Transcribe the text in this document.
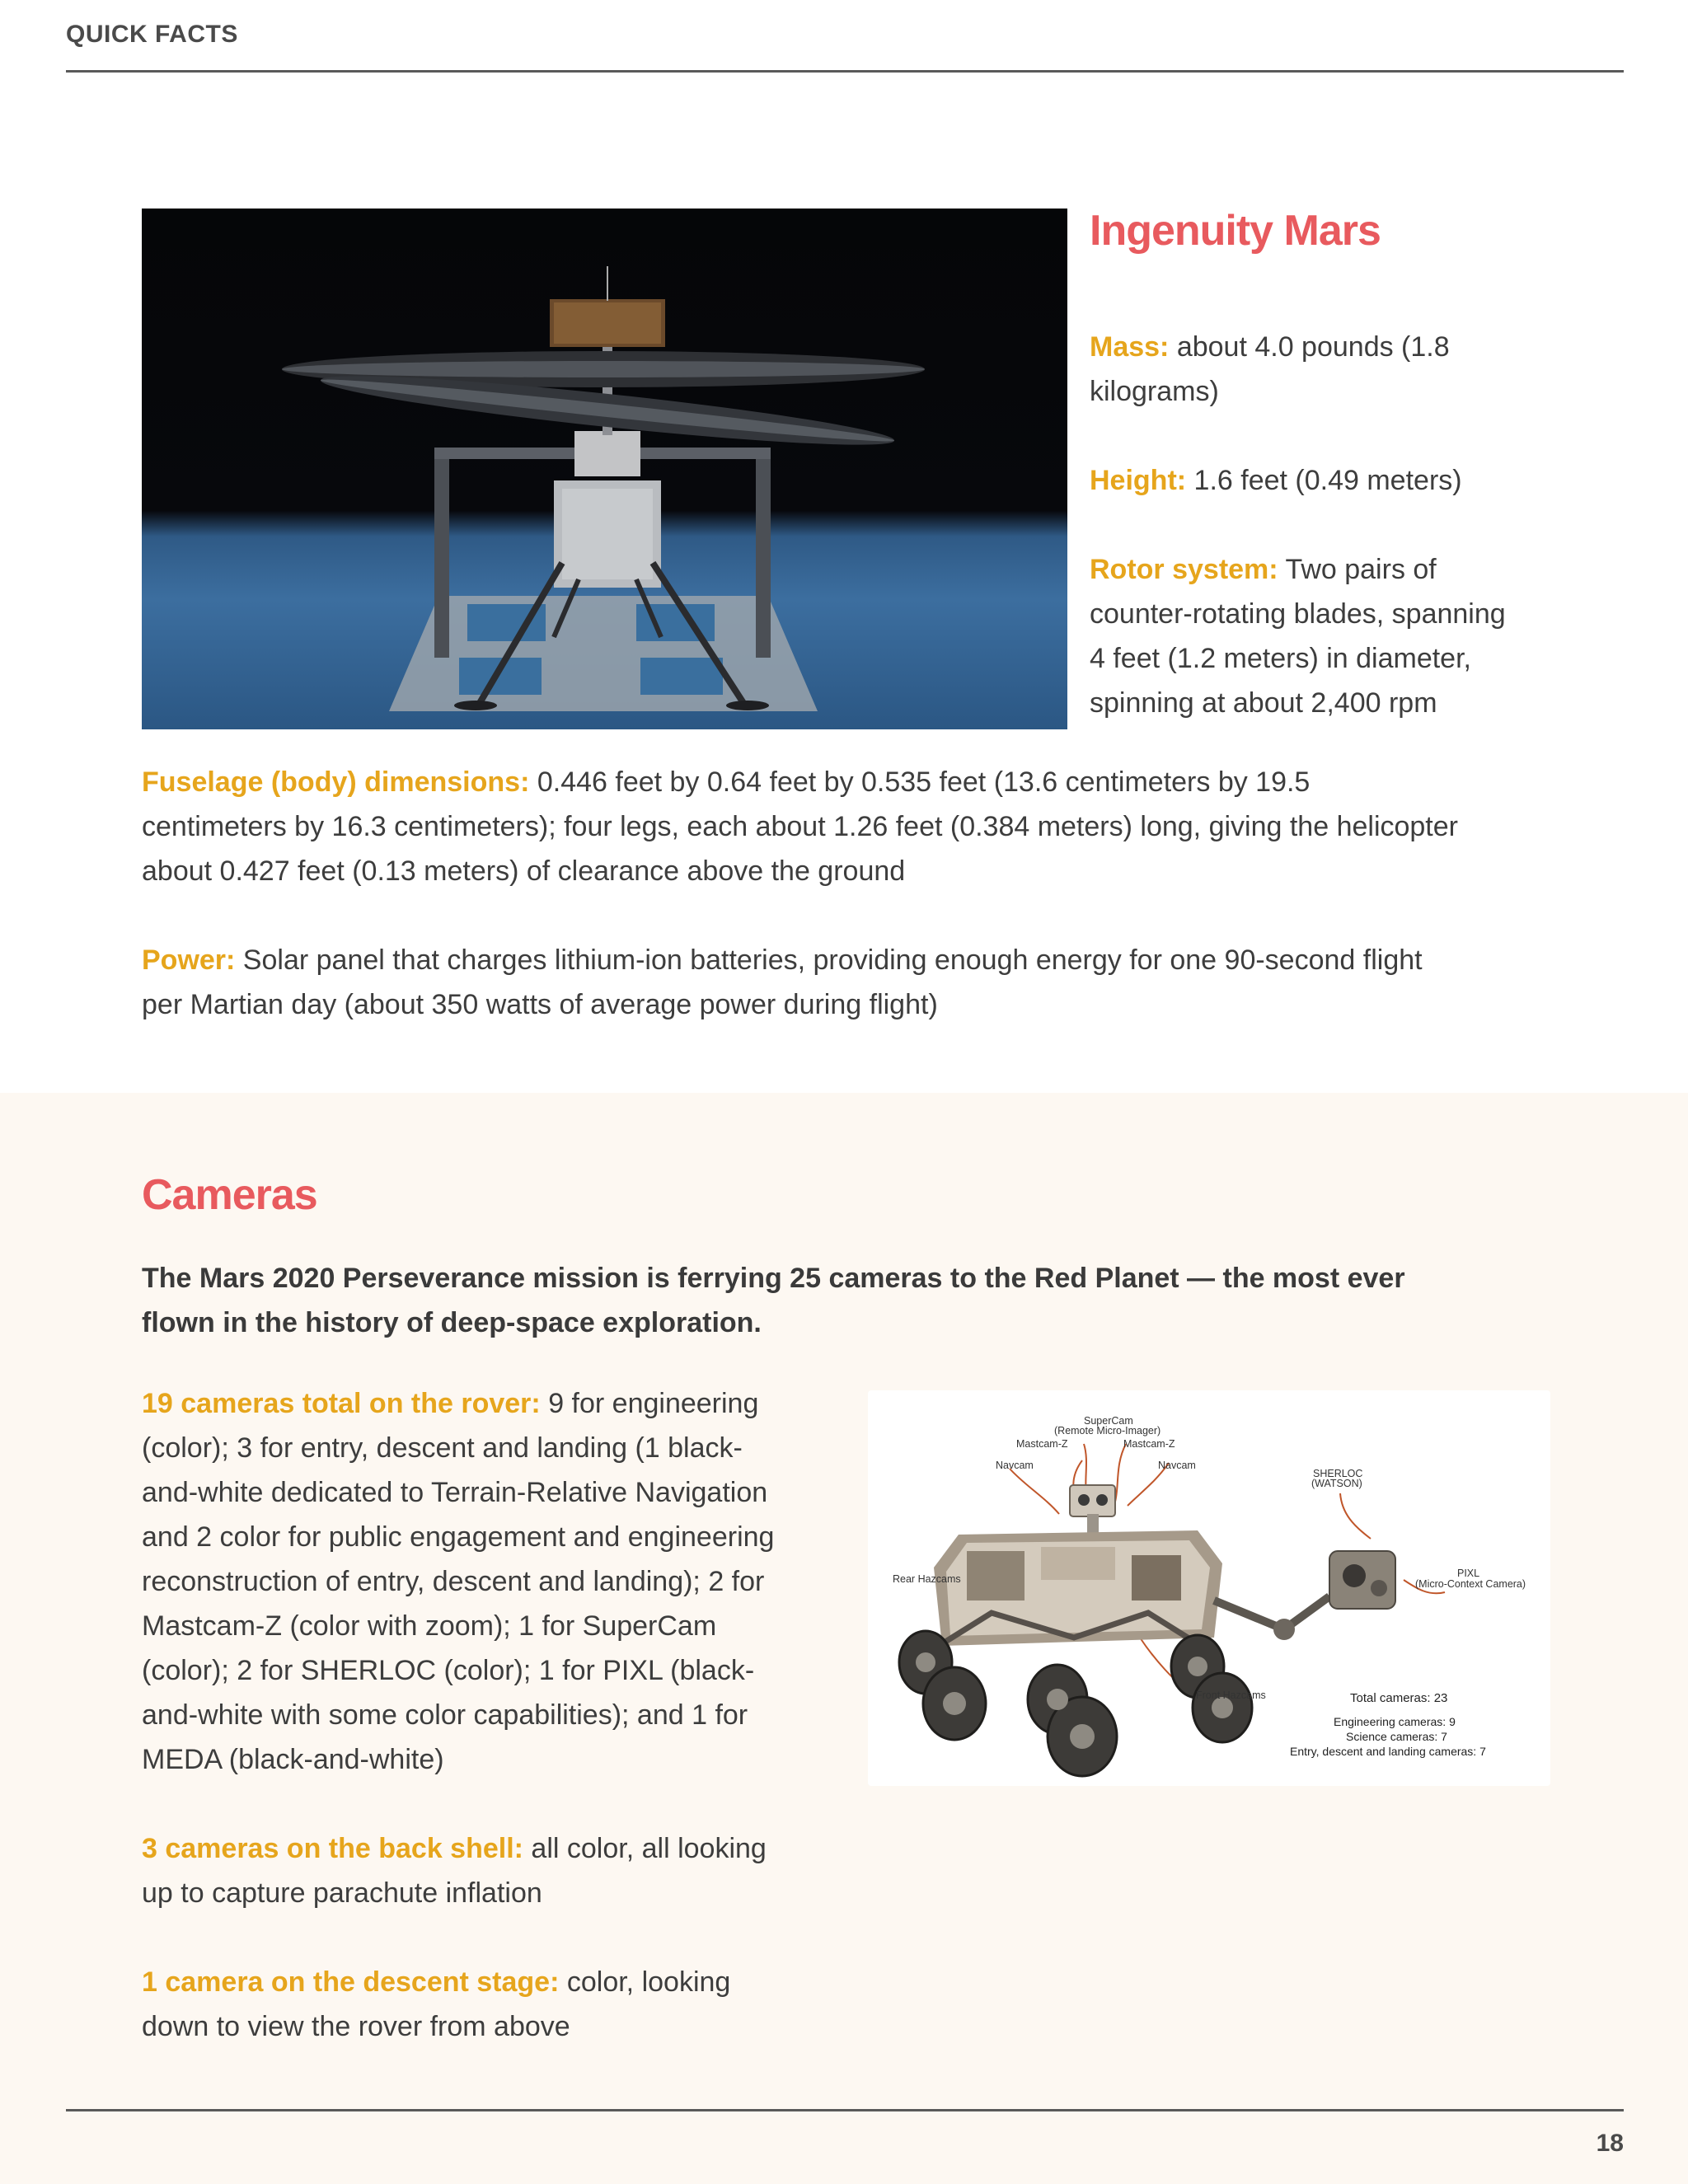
QUICK FACTS
Ingenuity Mars

Mass: about 4.0 pounds (1.8 kilograms)

Height: 1.6 feet (0.49 meters)

Rotor system: Two pairs of counter-rotating blades, spanning 4 feet (1.2 meters) in diameter, spinning at about 2,400 rpm

Fuselage (body) dimensions: 0.446 feet by 0.64 feet by 0.535 feet (13.6 centimeters by 19.5 centimeters by 16.3 centimeters); four legs, each about 1.26 feet (0.384 meters) long, giving the helicopter about 0.427 feet (0.13 meters) of clearance above the ground

Power: Solar panel that charges lithium-ion batteries, providing enough energy for one 90-second flight per Martian day (about 350 watts of average power during flight)

Cameras
The Mars 2020 Perseverance mission is ferrying 25 cameras to the Red Planet — the most ever flown in the history of deep-space exploration.

19 cameras total on the rover: 9 for engineering (color); 3 for entry, descent and landing (1 black-and-white dedicated to Terrain-Relative Navigation and 2 color for public engagement and engineering reconstruction of entry, descent and landing); 2 for Mastcam-Z (color with zoom); 1 for SuperCam (color); 2 for SHERLOC (color); 1 for PIXL (black-and-white with some color capabilities); and 1 for MEDA (black-and-white)

3 cameras on the back shell: all color, all looking up to capture parachute inflation

1 camera on the descent stage: color, looking down to view the rover from above

SuperCam
(Remote Micro-Imager)
Mastcam-Z	Mastcam-Z
Navcam	Navcam
SHERLOC
(WATSON)
Rear Hazcams	PIXL
(Micro-Context Camera)
Front Hazcams	Total cameras: 23
Engineering cameras: 9
Science cameras: 7
Entry, descent and landing cameras: 7
18
